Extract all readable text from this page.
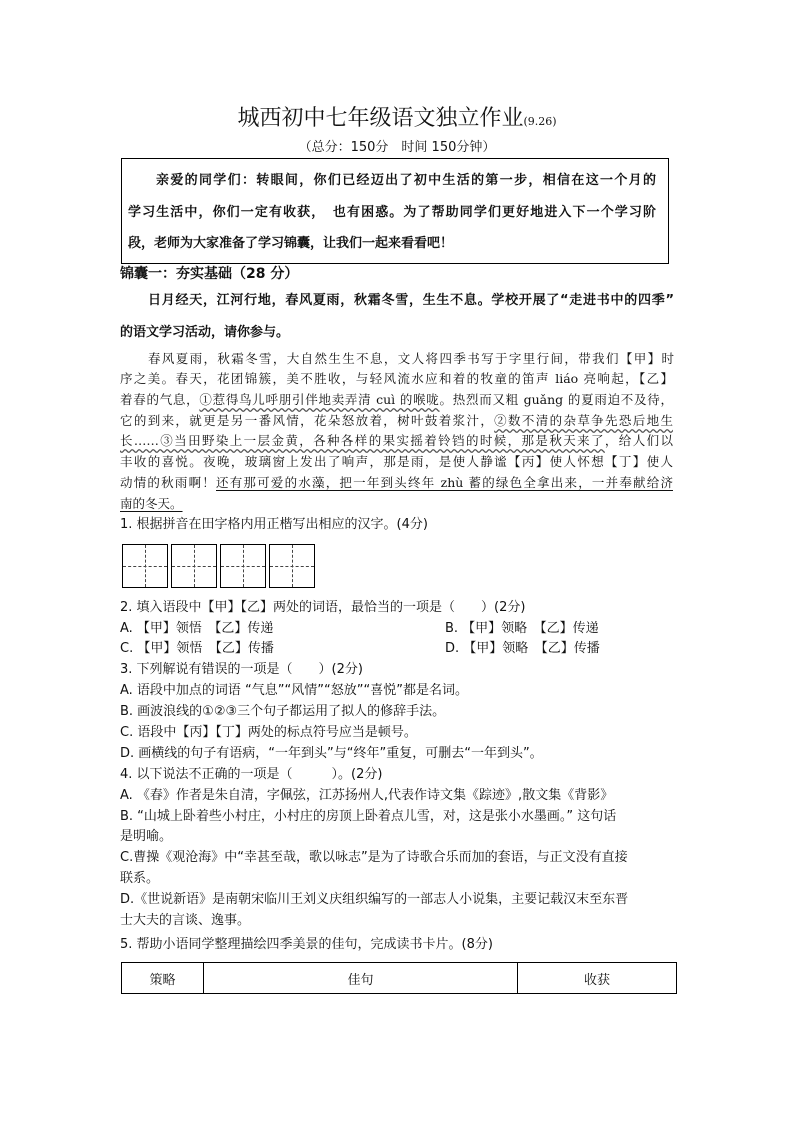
城西初中七年级语文独立作业(9.26)
（总分：150分　时间 150分钟）
亲爱的同学们：转眼间，你们已经迈出了初中生活的第一步，相信在这一个月的
学习生活中，你们一定有收获，　也有困惑。为了帮助同学们更好地进入下一个学习阶
段，老师为大家准备了学习锦囊，让我们一起来看看吧！
锦囊一：夯实基础（28 分）
日月经天，江河行地，春风夏雨，秋霜冬雪，生生不息。学校开展了“走进书中的四季”
的语文学习活动，请你参与。
春风夏雨，秋霜冬雪，大自然生生不息，文人将四季书写于字里行间，带我们【甲】时
序之美。春天，花团锦簇，美不胜收，与轻风流水应和着的牧童的笛声 liáo 亮响起，【乙】
着春的气息，①惹得鸟儿呼朋引伴地卖弄清 cuì 的喉咙。热烈而又粗 guǎng 的夏雨迫不及待，
它的到来，就更是另一番风情，花朵怒放着，树叶鼓着浆汁，②数不清的杂草争先恐后地生
长……③当田野染上一层金黄，各种各样的果实摇着铃铛的时候，那是秋天来了，给人们以
丰收的喜悦。夜晚，玻璃窗上发出了响声，那是雨，是使人静谧【丙】使人怀想【丁】使人
动情的秋雨啊！还有那可爱的水藻，把一年到头终年 zhù 蓄的绿色全拿出来，一并奉献给济
南的冬天。
1. 根据拼音在田字格内用正楷写出相应的汉字。(4分)
2. 填入语段中【甲】【乙】两处的词语，最恰当的一项是（　　）(2分)
A. 【甲】领悟　【乙】传递	B. 【甲】领略　【乙】传递
C. 【甲】领悟　【乙】传播	D. 【甲】领略　【乙】传播
3. 下列解说有错误的一项是（　　）(2分)
A. 语段中加点的词语 “气息”“风情”“怒放”“喜悦”都是名词。
B. 画波浪线的①②③三个句子都运用了拟人的修辞手法。
C. 语段中【丙】【丁】两处的标点符号应当是顿号。
D. 画横线的句子有语病，“一年到头”与“终年”重复，可删去“一年到头”。
4. 以下说法不正确的一项是（　　　）。(2分)
A. 《春》作者是朱自清，字佩弦，江苏扬州人,代表作诗文集《踪迹》,散文集《背影》
B. “山城上卧着些小村庄，小村庄的房顶上卧着点儿雪，对，这是张小水墨画。” 这句话
是明喻。
C.曹操《观沧海》中“幸甚至哉，歌以咏志”是为了诗歌合乐而加的套语，与正文没有直接
联系。
D.《世说新语》是南朝宋临川王刘义庆组织编写的一部志人小说集，主要记载汉末至东晋
士大夫的言谈、逸事。
5. 帮助小语同学整理描绘四季美景的佳句，完成读书卡片。(8分)
策略	佳句	收获
